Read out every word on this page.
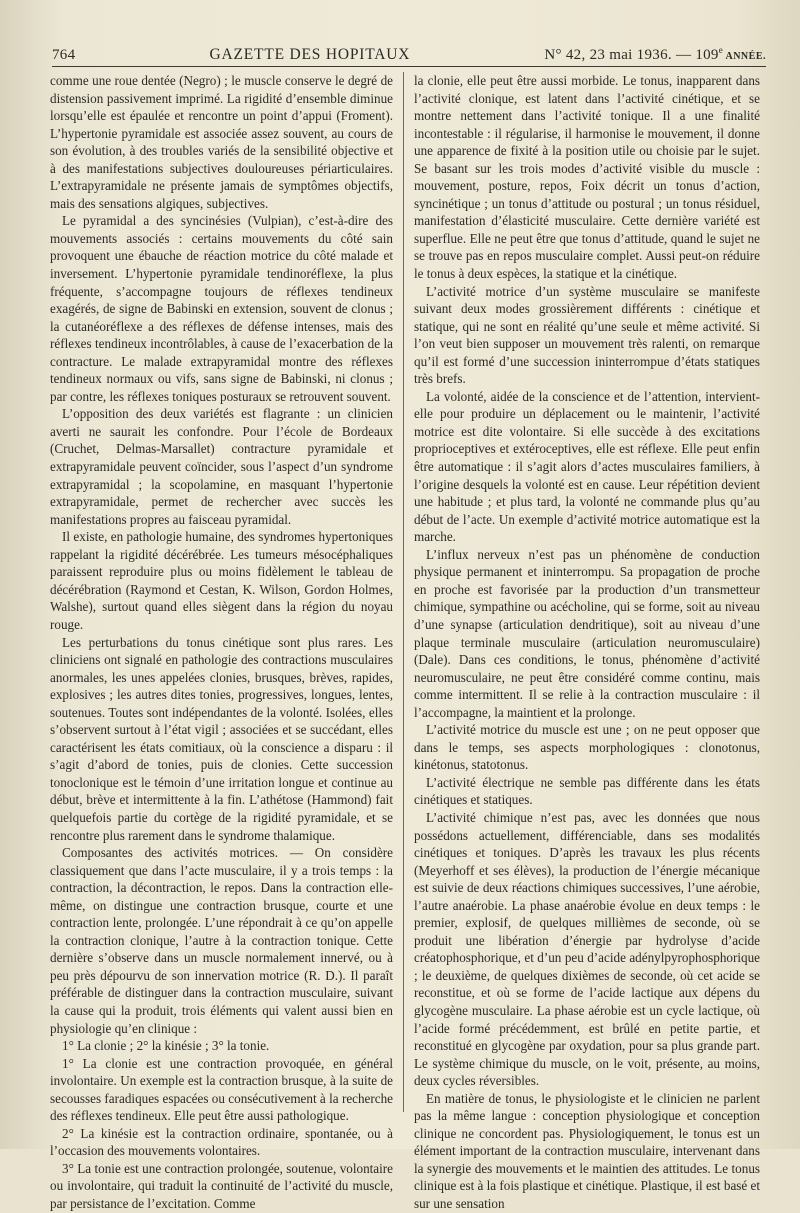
764	GAZETTE DES HOPITAUX	N° 42, 23 mai 1936. — 109e ANNÉE.

comme une roue dentée (Negro) ; le muscle conserve le degré de distension passivement imprimé. La rigidité d’ensemble diminue lorsqu’elle est épaulée et rencontre un point d’appui (Froment). L’hypertonie pyramidale est associée assez souvent, au cours de son évolution, à des troubles variés de la sensibilité objective et à des manifestations subjectives douloureuses périarticulaires. L’extrapyramidale ne présente jamais de symptômes objectifs, mais des sensations algiques, subjectives.

Le pyramidal a des syncinésies (Vulpian), c’est-à-dire des mouvements associés : certains mouvements du côté sain provoquent une ébauche de réaction motrice du côté malade et inversement. L’hypertonie pyramidale tendinoréflexe, la plus fréquente, s’accompagne toujours de réflexes tendineux exagérés, de signe de Babinski en extension, souvent de clonus ; la cutanéoréflexe a des réflexes de défense intenses, mais des réflexes tendineux incontrôlables, à cause de l’exacerbation de la contracture. Le malade extrapyramidal montre des réflexes tendineux normaux ou vifs, sans signe de Babinski, ni clonus ; par contre, les réflexes toniques posturaux se retrouvent souvent.

L’opposition des deux variétés est flagrante : un clinicien averti ne saurait les confondre. Pour l’école de Bordeaux (Cruchet, Delmas-Marsallet) contracture pyramidale et extrapyramidale peuvent coïncider, sous l’aspect d’un syndrome extrapyramidal ; la scopolamine, en masquant l’hypertonie extrapyramidale, permet de rechercher avec succès les manifestations propres au faisceau pyramidal.

Il existe, en pathologie humaine, des syndromes hypertoniques rappelant la rigidité décérébrée. Les tumeurs mésocéphaliques paraissent reproduire plus ou moins fidèlement le tableau de décérébration (Raymond et Cestan, K. Wilson, Gordon Holmes, Walshe), surtout quand elles siègent dans la région du noyau rouge.

Les perturbations du tonus cinétique sont plus rares. Les cliniciens ont signalé en pathologie des contractions musculaires anormales, les unes appelées clonies, brusques, brèves, rapides, explosives ; les autres dites tonies, progressives, longues, lentes, soutenues. Toutes sont indépendantes de la volonté. Isolées, elles s’observent surtout à l’état vigil ; associées et se succédant, elles caractérisent les états comitiaux, où la conscience a disparu : il s’agit d’abord de tonies, puis de clonies. Cette succession tonoclonique est le témoin d’une irritation longue et continue au début, brève et intermittente à la fin. L’athétose (Hammond) fait quelquefois partie du cortège de la rigidité pyramidale, et se rencontre plus rarement dans le syndrome thalamique.

Composantes des activités motrices. — On considère classiquement que dans l’acte musculaire, il y a trois temps : la contraction, la décontraction, le repos. Dans la contraction elle-même, on distingue une contraction brusque, courte et une contraction lente, prolongée. L’une répondrait à ce qu’on appelle la contraction clonique, l’autre à la contraction tonique. Cette dernière s’observe dans un muscle normalement innervé, ou à peu près dépourvu de son innervation motrice (R. D.). Il paraît préférable de distinguer dans la contraction musculaire, suivant la cause qui la produit, trois éléments qui valent aussi bien en physiologie qu’en clinique :

1° La clonie ; 2° la kinésie ; 3° la tonie.

1° La clonie est une contraction provoquée, en général involontaire. Un exemple est la contraction brusque, à la suite de secousses faradiques espacées ou consécutivement à la recherche des réflexes tendineux. Elle peut être aussi pathologique.

2° La kinésie est la contraction ordinaire, spontanée, ou à l’occasion des mouvements volontaires.

3° La tonie est une contraction prolongée, soutenue, volontaire ou involontaire, qui traduit la continuité de l’activité du muscle, par persistance de l’excitation. Comme

la clonie, elle peut être aussi morbide. Le tonus, inapparent dans l’activité clonique, est latent dans l’activité cinétique, et se montre nettement dans l’activité tonique. Il a une finalité incontestable : il régularise, il harmonise le mouvement, il donne une apparence de fixité à la position utile ou choisie par le sujet. Se basant sur les trois modes d’activité visible du muscle : mouvement, posture, repos, Foix décrit un tonus d’action, syncinétique ; un tonus d’attitude ou postural ; un tonus résiduel, manifestation d’élasticité musculaire. Cette dernière variété est superflue. Elle ne peut être que tonus d’attitude, quand le sujet ne se trouve pas en repos musculaire complet. Aussi peut-on réduire le tonus à deux espèces, la statique et la cinétique.

L’activité motrice d’un système musculaire se manifeste suivant deux modes grossièrement différents : cinétique et statique, qui ne sont en réalité qu’une seule et même activité. Si l’on veut bien supposer un mouvement très ralenti, on remarque qu’il est formé d’une succession ininterrompue d’états statiques très brefs.

La volonté, aidée de la conscience et de l’attention, intervient-elle pour produire un déplacement ou le maintenir, l’activité motrice est dite volontaire. Si elle succède à des excitations proprioceptives et extéroceptives, elle est réflexe. Elle peut enfin être automatique : il s’agit alors d’actes musculaires familiers, à l’origine desquels la volonté est en cause. Leur répétition devient une habitude ; et plus tard, la volonté ne commande plus qu’au début de l’acte. Un exemple d’activité motrice automatique est la marche.

L’influx nerveux n’est pas un phénomène de conduction physique permanent et ininterrompu. Sa propagation de proche en proche est favorisée par la production d’un transmetteur chimique, sympathine ou acécholine, qui se forme, soit au niveau d’une synapse (articulation dendritique), soit au niveau d’une plaque terminale musculaire (articulation neuromusculaire) (Dale). Dans ces conditions, le tonus, phénomène d’activité neuromusculaire, ne peut être considéré comme continu, mais comme intermittent. Il se relie à la contraction musculaire : il l’accompagne, la maintient et la prolonge.

L’activité motrice du muscle est une ; on ne peut opposer que dans le temps, ses aspects morphologiques : clonotonus, kinétonus, statotonus.

L’activité électrique ne semble pas différente dans les états cinétiques et statiques.

L’activité chimique n’est pas, avec les données que nous possédons actuellement, différenciable, dans ses modalités cinétiques et toniques. D’après les travaux les plus récents (Meyerhoff et ses élèves), la production de l’énergie mécanique est suivie de deux réactions chimiques successives, l’une aérobie, l’autre anaérobie. La phase anaérobie évolue en deux temps : le premier, explosif, de quelques millièmes de seconde, où se produit une libération d’énergie par hydrolyse d’acide créatophosphorique, et d’un peu d’acide adénylpyrophosphorique ; le deuxième, de quelques dixièmes de seconde, où cet acide se reconstitue, et où se forme de l’acide lactique aux dépens du glycogène musculaire. La phase aérobie est un cycle lactique, où l’acide formé précédemment, est brûlé en petite partie, et reconstitué en glycogène par oxydation, pour sa plus grande part. Le système chimique du muscle, on le voit, présente, au moins, deux cycles réversibles.

En matière de tonus, le physiologiste et le clinicien ne parlent pas la même langue : conception physiologique et conception clinique ne concordent pas. Physiologiquement, le tonus est un élément important de la contraction musculaire, intervenant dans la synergie des mouvements et le maintien des attitudes. Le tonus clinique est à la fois plastique et cinétique. Plastique, il est basé et sur une sensation
